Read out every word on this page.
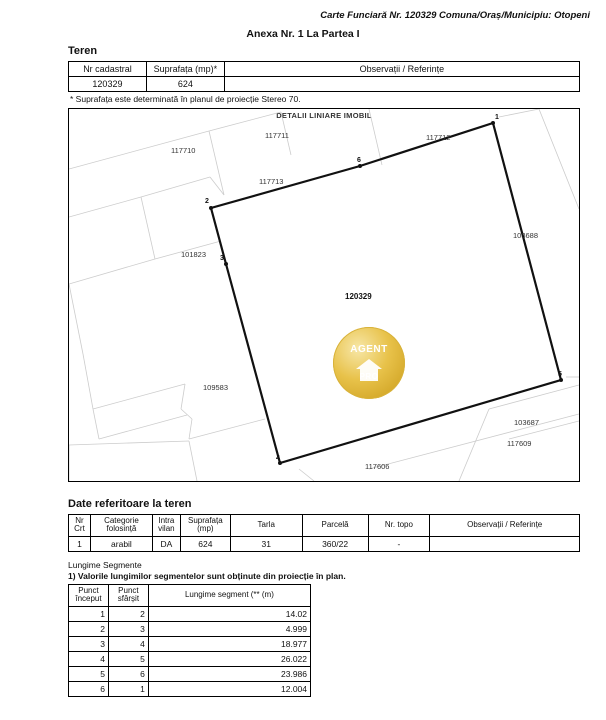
Carte Funciară Nr. 120329 Comuna/Oraș/Municipiu: Otopeni
Anexa Nr. 1 La Partea I
Teren
Nr cadastral	Suprafața (mp)*	Observații / Referințe
120329	624	
* Suprafața este determinată în planul de proiecție Stereo 70.
DETALII LINIARE IMOBIL
117711	117712
117710
117713
101823
103688
109583
103687
117609
117606
1
2
3
4
5
6
120329
AGENT
PRO
Date referitoare la teren
Nr Crt	Categorie folosință	Intra vilan	Suprafața (mp)	Tarla	Parcelă	Nr. topo	Observații / Referințe
1	arabil	DA	624	31	360/22	-	
Lungime Segmente
1) Valorile lungimilor segmentelor sunt obținute din proiecție în plan.
Punct început	Punct sfârșit	Lungime segment (** (m)
1	2	14.02
2	3	4.999
3	4	18.977
4	5	26.022
5	6	23.986
6	1	12.004
